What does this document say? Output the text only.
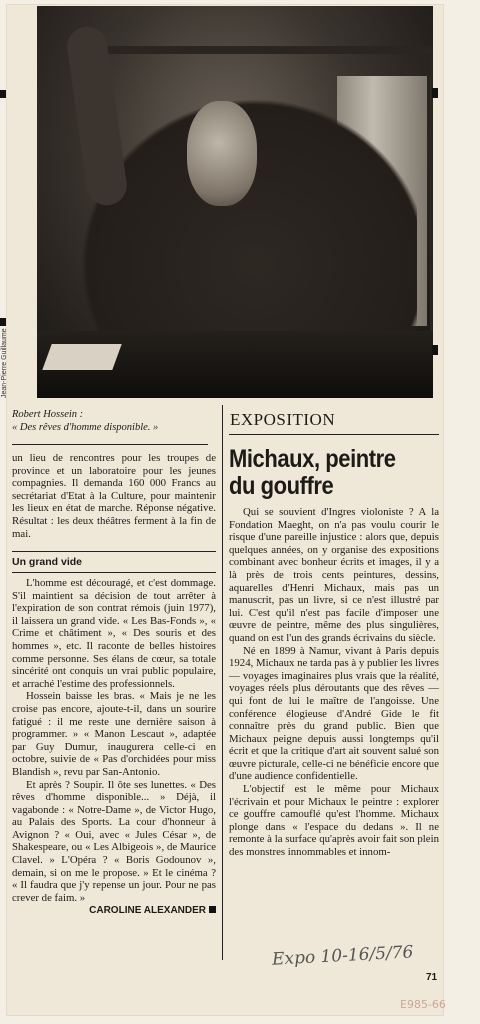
Jean-Pierre Guillaume
Robert Hossein :
« Des rêves d'homme disponible. »

un lieu de rencontres pour les troupes de province et un laboratoire pour les jeunes compagnies. Il demanda 160 000 Francs au secrétariat d'Etat à la Culture, pour maintenir les lieux en état de marche. Réponse négative. Résultat : les deux théâtres ferment à la fin de mai.

Un grand vide

L'homme est découragé, et c'est dommage. S'il maintient sa décision de tout arrêter à l'expiration de son contrat rémois (juin 1977), il laissera un grand vide. « Les Bas-Fonds », « Crime et châtiment », « Des souris et des hommes », etc. Il raconte de belles histoires comme personne. Ses élans de cœur, sa totale sincérité ont conquis un vrai public populaire, et arraché l'estime des professionnels.

Hossein baisse les bras. « Mais je ne les croise pas encore, ajoute-t-il, dans un sourire fatigué : il me reste une dernière saison à programmer. » « Manon Lescaut », adaptée par Guy Dumur, inaugurera celle-ci en octobre, suivie de « Pas d'orchidées pour miss Blandish », revu par San-Antonio.

Et après ? Soupir. Il ôte ses lunettes. « Des rêves d'homme disponible... » Déjà, il vagabonde : « Notre-Dame », de Victor Hugo, au Palais des Sports. La cour d'honneur à Avignon ? « Oui, avec « Jules César », de Shakespeare, ou « Les Albigeois », de Maurice Clavel. » L'Opéra ? « Boris Godounov », demain, si on me le propose. » Et le cinéma ? « Il faudra que j'y repense un jour. Pour ne pas crever de faim. »

CAROLINE ALEXANDER

EXPOSITION
Michaux, peintre du gouffre

Qui se souvient d'Ingres violoniste ? A la Fondation Maeght, on n'a pas voulu courir le risque d'une pareille injustice : alors que, depuis quelques années, on y organise des expositions combinant avec bonheur écrits et images, il y a là près de trois cents peintures, dessins, aquarelles d'Henri Michaux, mais pas un manuscrit, pas un livre, si ce n'est illustré par lui. C'est qu'il n'est pas facile d'imposer une œuvre de peintre, même des plus singulières, quand on est l'un des grands écrivains du siècle.

Né en 1899 à Namur, vivant à Paris depuis 1924, Michaux ne tarda pas à y publier les livres — voyages imaginaires plus vrais que la réalité, voyages réels plus déroutants que des rêves — qui font de lui le maître de l'angoisse. Une conférence élogieuse d'André Gide le fit connaître près du grand public. Bien que Michaux peigne depuis aussi longtemps qu'il écrit et que la critique d'art ait souvent salué son œuvre picturale, celle-ci ne bénéficie encore que d'une audience confidentielle.

L'objectif est le même pour Michaux l'écrivain et pour Michaux le peintre : explorer ce gouffre camouflé qu'est l'homme. Michaux plonge dans « l'espace du dedans ». Il ne remonte à la surface qu'après avoir fait son plein des monstres innommables et innom-

Expo 10-16/5/76
71
E985-66
